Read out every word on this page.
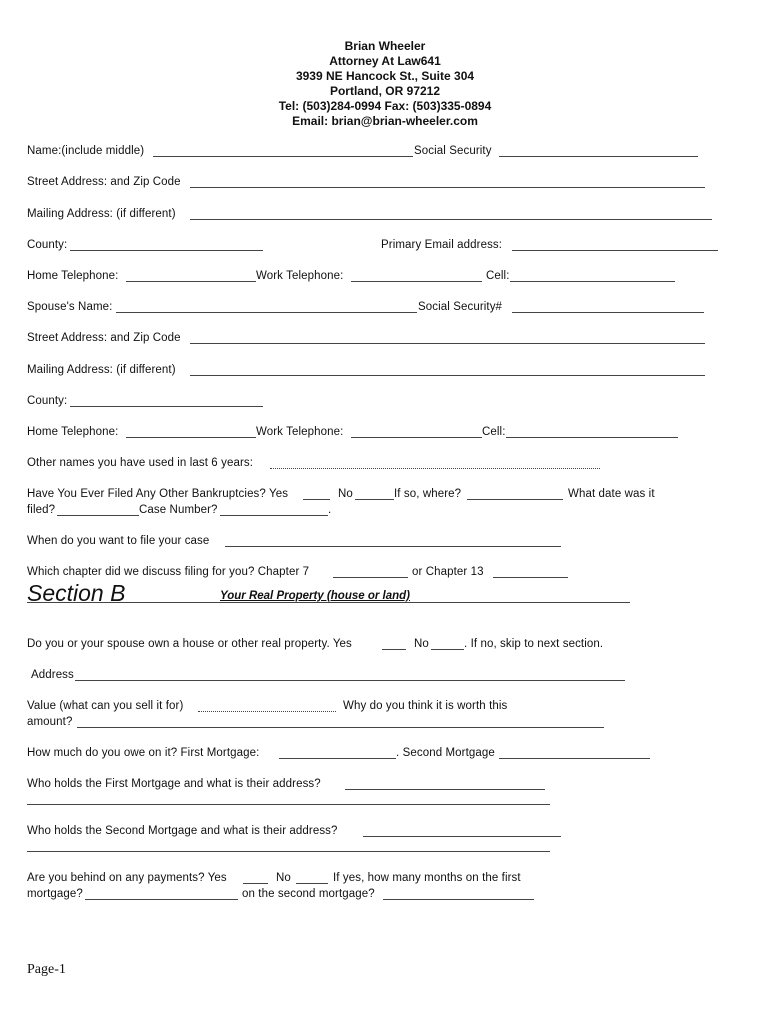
Brian Wheeler
Attorney At Law641
3939 NE Hancock St., Suite 304
Portland, OR 97212
Tel: (503)284-0994 Fax: (503)335-0894
Email: brian@brian-wheeler.com
Name:(include middle)	Social Security
Street Address: and Zip Code
Mailing Address: (if different)
County:	Primary Email address:
Home Telephone:	Work Telephone:	Cell:
Spouse's Name:	Social Security#
Street Address: and Zip Code
Mailing Address: (if different)
County:
Home Telephone:	Work Telephone:	Cell:
Other names you have used in last 6 years:
Have You Ever Filed Any Other Bankruptcies? Yes	No	If so, where?	What date was it
filed?	Case Number?	.
When do you want to file your case
Which chapter did we discuss filing for you? Chapter 7	or Chapter 13
Section B	Your Real Property (house or land)
Do you or your spouse own a house or other real property. Yes	No	. If no, skip to next section.
Address
Value (what can you sell it for)	Why do you think it is worth this
amount?
How much do you owe on it? First Mortgage:	. Second Mortgage
Who holds the First Mortgage and what is their address?
Who holds the Second Mortgage and what is their address?
Are you behind on any payments? Yes	No	If yes, how many months on the first
mortgage?	on the second mortgage?
Page-1
